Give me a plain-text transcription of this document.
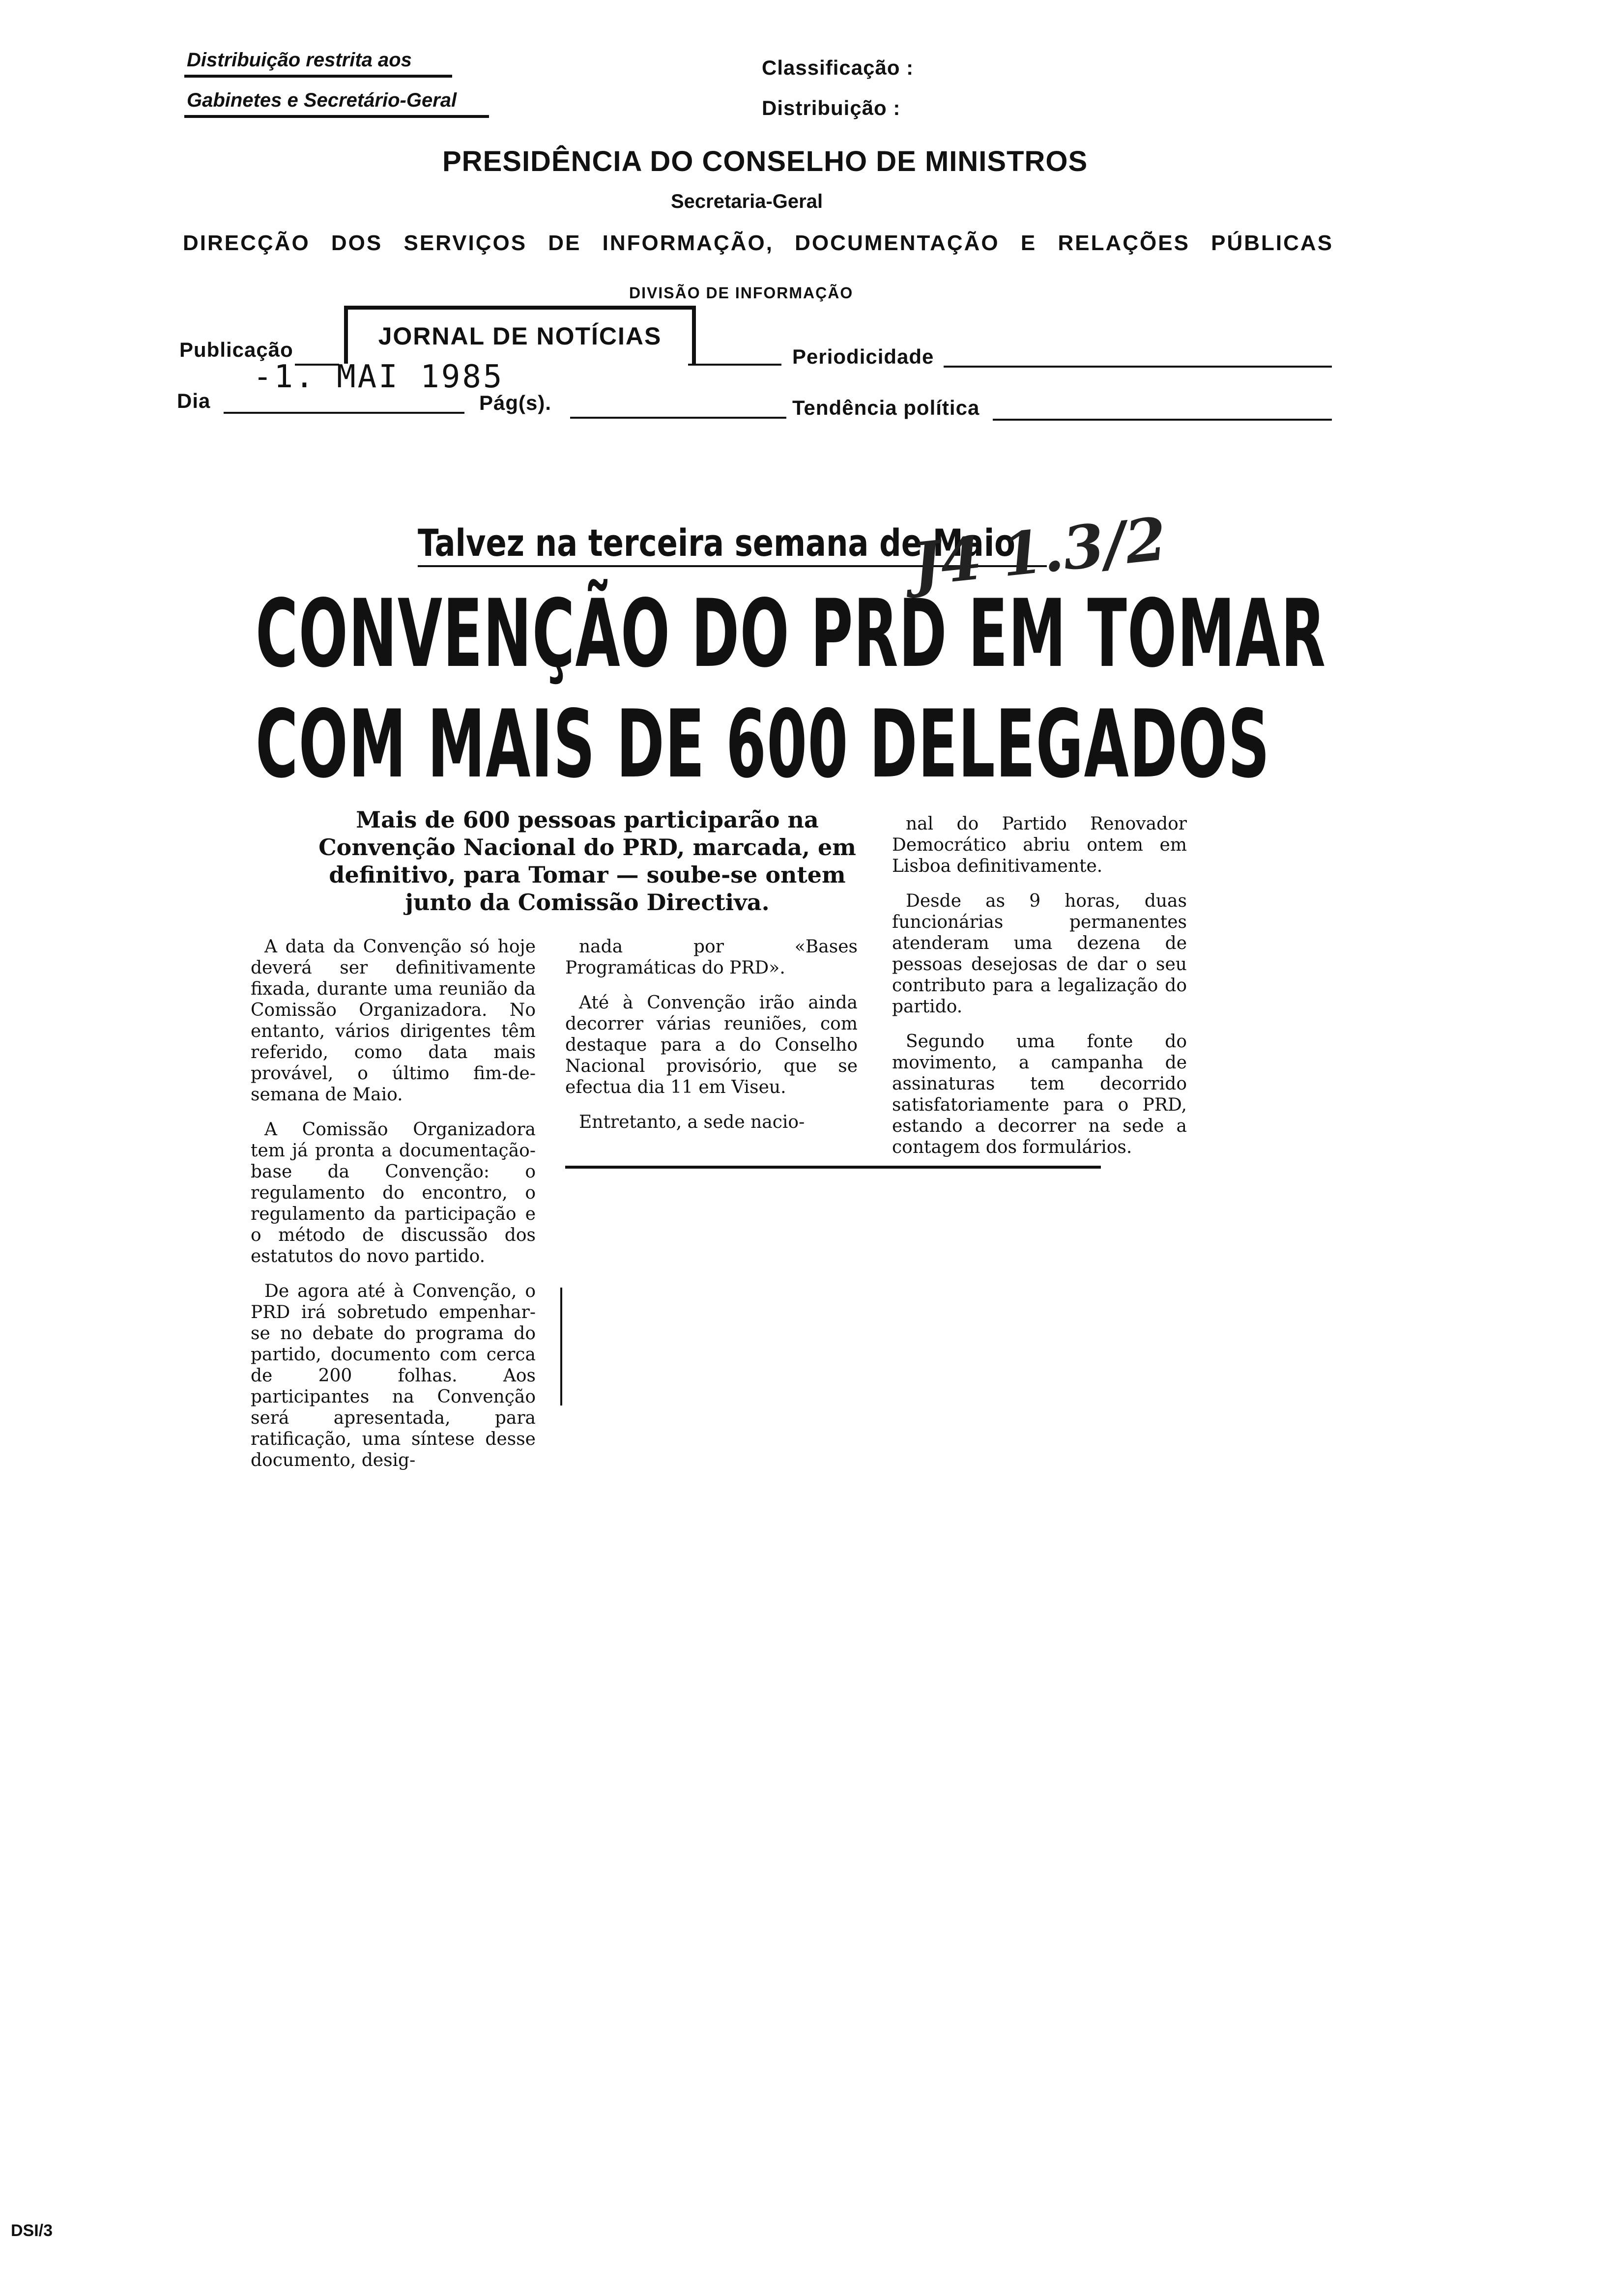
Distribuição restrita aos
Gabinetes e Secretário-Geral
Classificação :
Distribuição :
PRESIDÊNCIA DO CONSELHO DE MINISTROS
Secretaria-Geral
DIRECÇÃO DOS SERVIÇOS DE INFORMAÇÃO, DOCUMENTAÇÃO E RELAÇÕES PÚBLICAS
DIVISÃO DE INFORMAÇÃO
Publicação	JORNAL DE NOTÍCIAS
Periodicidade
Dia
-1. MAI 1985
Pág(s).	Tendência política
Talvez na terceira semana de Maio
J4 1.3/2
CONVENÇÃO DO PRD EM TOMAR
COM MAIS DE 600 DELEGADOS
Mais de 600 pessoas participarão na Convenção Nacional do PRD, marcada, em definitivo, para Tomar — soube-se ontem junto da Comissão Directiva.

A data da Convenção só hoje deverá ser definitivamente fixada, durante uma reunião da Comissão Organizadora. No entanto, vários dirigentes têm referido, como data mais provável, o último fim-de-semana de Maio.

A Comissão Organizadora tem já pronta a documentação-base da Convenção: o regulamento do encontro, o regulamento da participação e o método de discussão dos estatutos do novo partido.

De agora até à Convenção, o PRD irá sobretudo empenhar-se no debate do programa do partido, documento com cerca de 200 folhas. Aos participantes na Convenção será apresentada, para ratificação, uma síntese desse documento, desig-

nada por «Bases Programáticas do PRD».

Até à Convenção irão ainda decorrer várias reuniões, com destaque para a do Conselho Nacional provisório, que se efectua dia 11 em Viseu.

Entretanto, a sede nacio-

nal do Partido Renovador Democrático abriu ontem em Lisboa definitivamente.

Desde as 9 horas, duas funcionárias permanentes atenderam uma dezena de pessoas desejosas de dar o seu contributo para a legalização do partido.

Segundo uma fonte do movimento, a campanha de assinaturas tem decorrido satisfatoriamente para o PRD, estando a decorrer na sede a contagem dos formulários.

DSI/3
